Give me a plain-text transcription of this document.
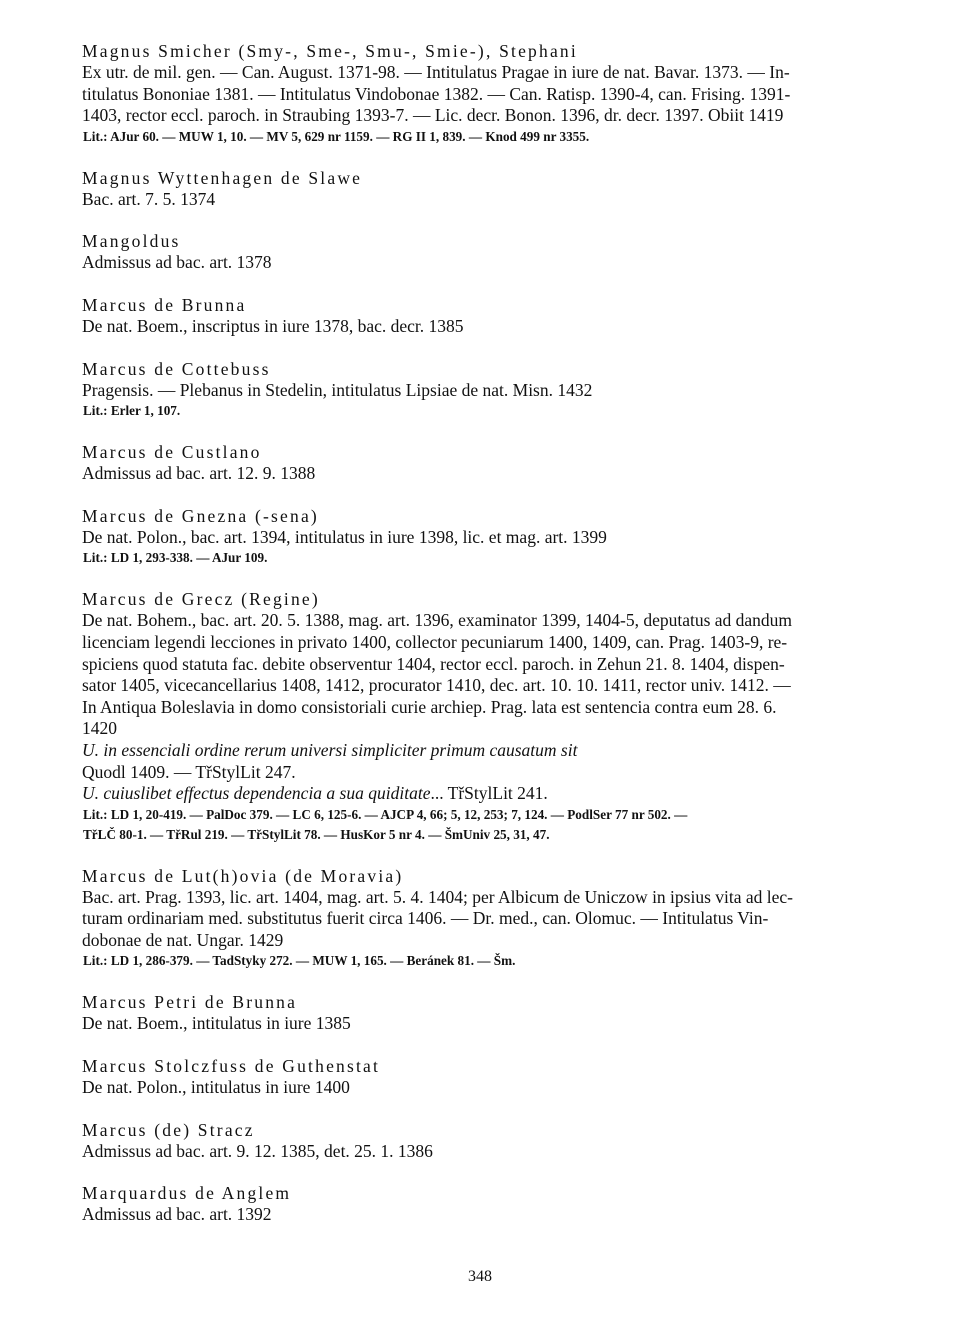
Magnus Smicher (Smy-, Sme-, Smu-, Smie-), Stephani
Ex utr. de mil. gen. — Can. August. 1371-98. — Intitulatus Pragae in iure de nat. Bavar. 1373. — In-
titulatus Bononiae 1381. — Intitulatus Vindobonae 1382. — Can. Ratisp. 1390-4, can. Frising. 1391-
1403, rector eccl. paroch. in Straubing 1393-7. — Lic. decr. Bonon. 1396, dr. decr. 1397. Obiit 1419
Lit.: AJur 60. — MUW 1, 10. — MV 5, 629 nr 1159. — RG II 1, 839. — Knod 499 nr 3355.
Magnus Wyttenhagen de Slawe
Bac. art. 7. 5. 1374
Mangoldus
Admissus ad bac. art. 1378
Marcus de Brunna
De nat. Boem., inscriptus in iure 1378, bac. decr. 1385
Marcus de Cottebuss
Pragensis. — Plebanus in Stedelin, intitulatus Lipsiae de nat. Misn. 1432
Lit.: Erler 1, 107.
Marcus de Custlano
Admissus ad bac. art. 12. 9. 1388
Marcus de Gnezna (-sena)
De nat. Polon., bac. art. 1394, intitulatus in iure 1398, lic. et mag. art. 1399
Lit.: LD 1, 293-338. — AJur 109.
Marcus de Grecz (Regine)
De nat. Bohem., bac. art. 20. 5. 1388, mag. art. 1396, examinator 1399, 1404-5, deputatus ad dandum
licenciam legendi lecciones in privato 1400, collector pecuniarum 1400, 1409, can. Prag. 1403-9, re-
spiciens quod statuta fac. debite observentur 1404, rector eccl. paroch. in Zehun 21. 8. 1404, dispen-
sator 1405, vicecancellarius 1408, 1412, procurator 1410, dec. art. 10. 10. 1411, rector univ. 1412. —
In Antiqua Boleslavia in domo consistoriali curie archiep. Prag. lata est sentencia contra eum 28. 6.
1420
U. in essenciali ordine rerum universi simpliciter primum causatum sit
Quodl 1409. — TřStylLit 247.
U. cuiuslibet effectus dependencia a sua quiditate... TřStylLit 241.
Lit.: LD 1, 20-419. — PalDoc 379. — LC 6, 125-6. — AJCP 4, 66; 5, 12, 253; 7, 124. — PodlSer 77 nr 502. —
TřLČ 80-1. — TřRul 219. — TřStylLit 78. — HusKor 5 nr 4. — ŠmUniv 25, 31, 47.
Marcus de Lut(h)ovia (de Moravia)
Bac. art. Prag. 1393, lic. art. 1404, mag. art. 5. 4. 1404; per Albicum de Uniczow in ipsius vita ad lec-
turam ordinariam med. substitutus fuerit circa 1406. — Dr. med., can. Olomuc. — Intitulatus Vin-
dobonae de nat. Ungar. 1429
Lit.: LD 1, 286-379. — TadStyky 272. — MUW 1, 165. — Beránek 81. — Šm.
Marcus Petri de Brunna
De nat. Boem., intitulatus in iure 1385
Marcus Stolczfuss de Guthenstat
De nat. Polon., intitulatus in iure 1400
Marcus (de) Stracz
Admissus ad bac. art. 9. 12. 1385, det. 25. 1. 1386
Marquardus de Anglem
Admissus ad bac. art. 1392
348
